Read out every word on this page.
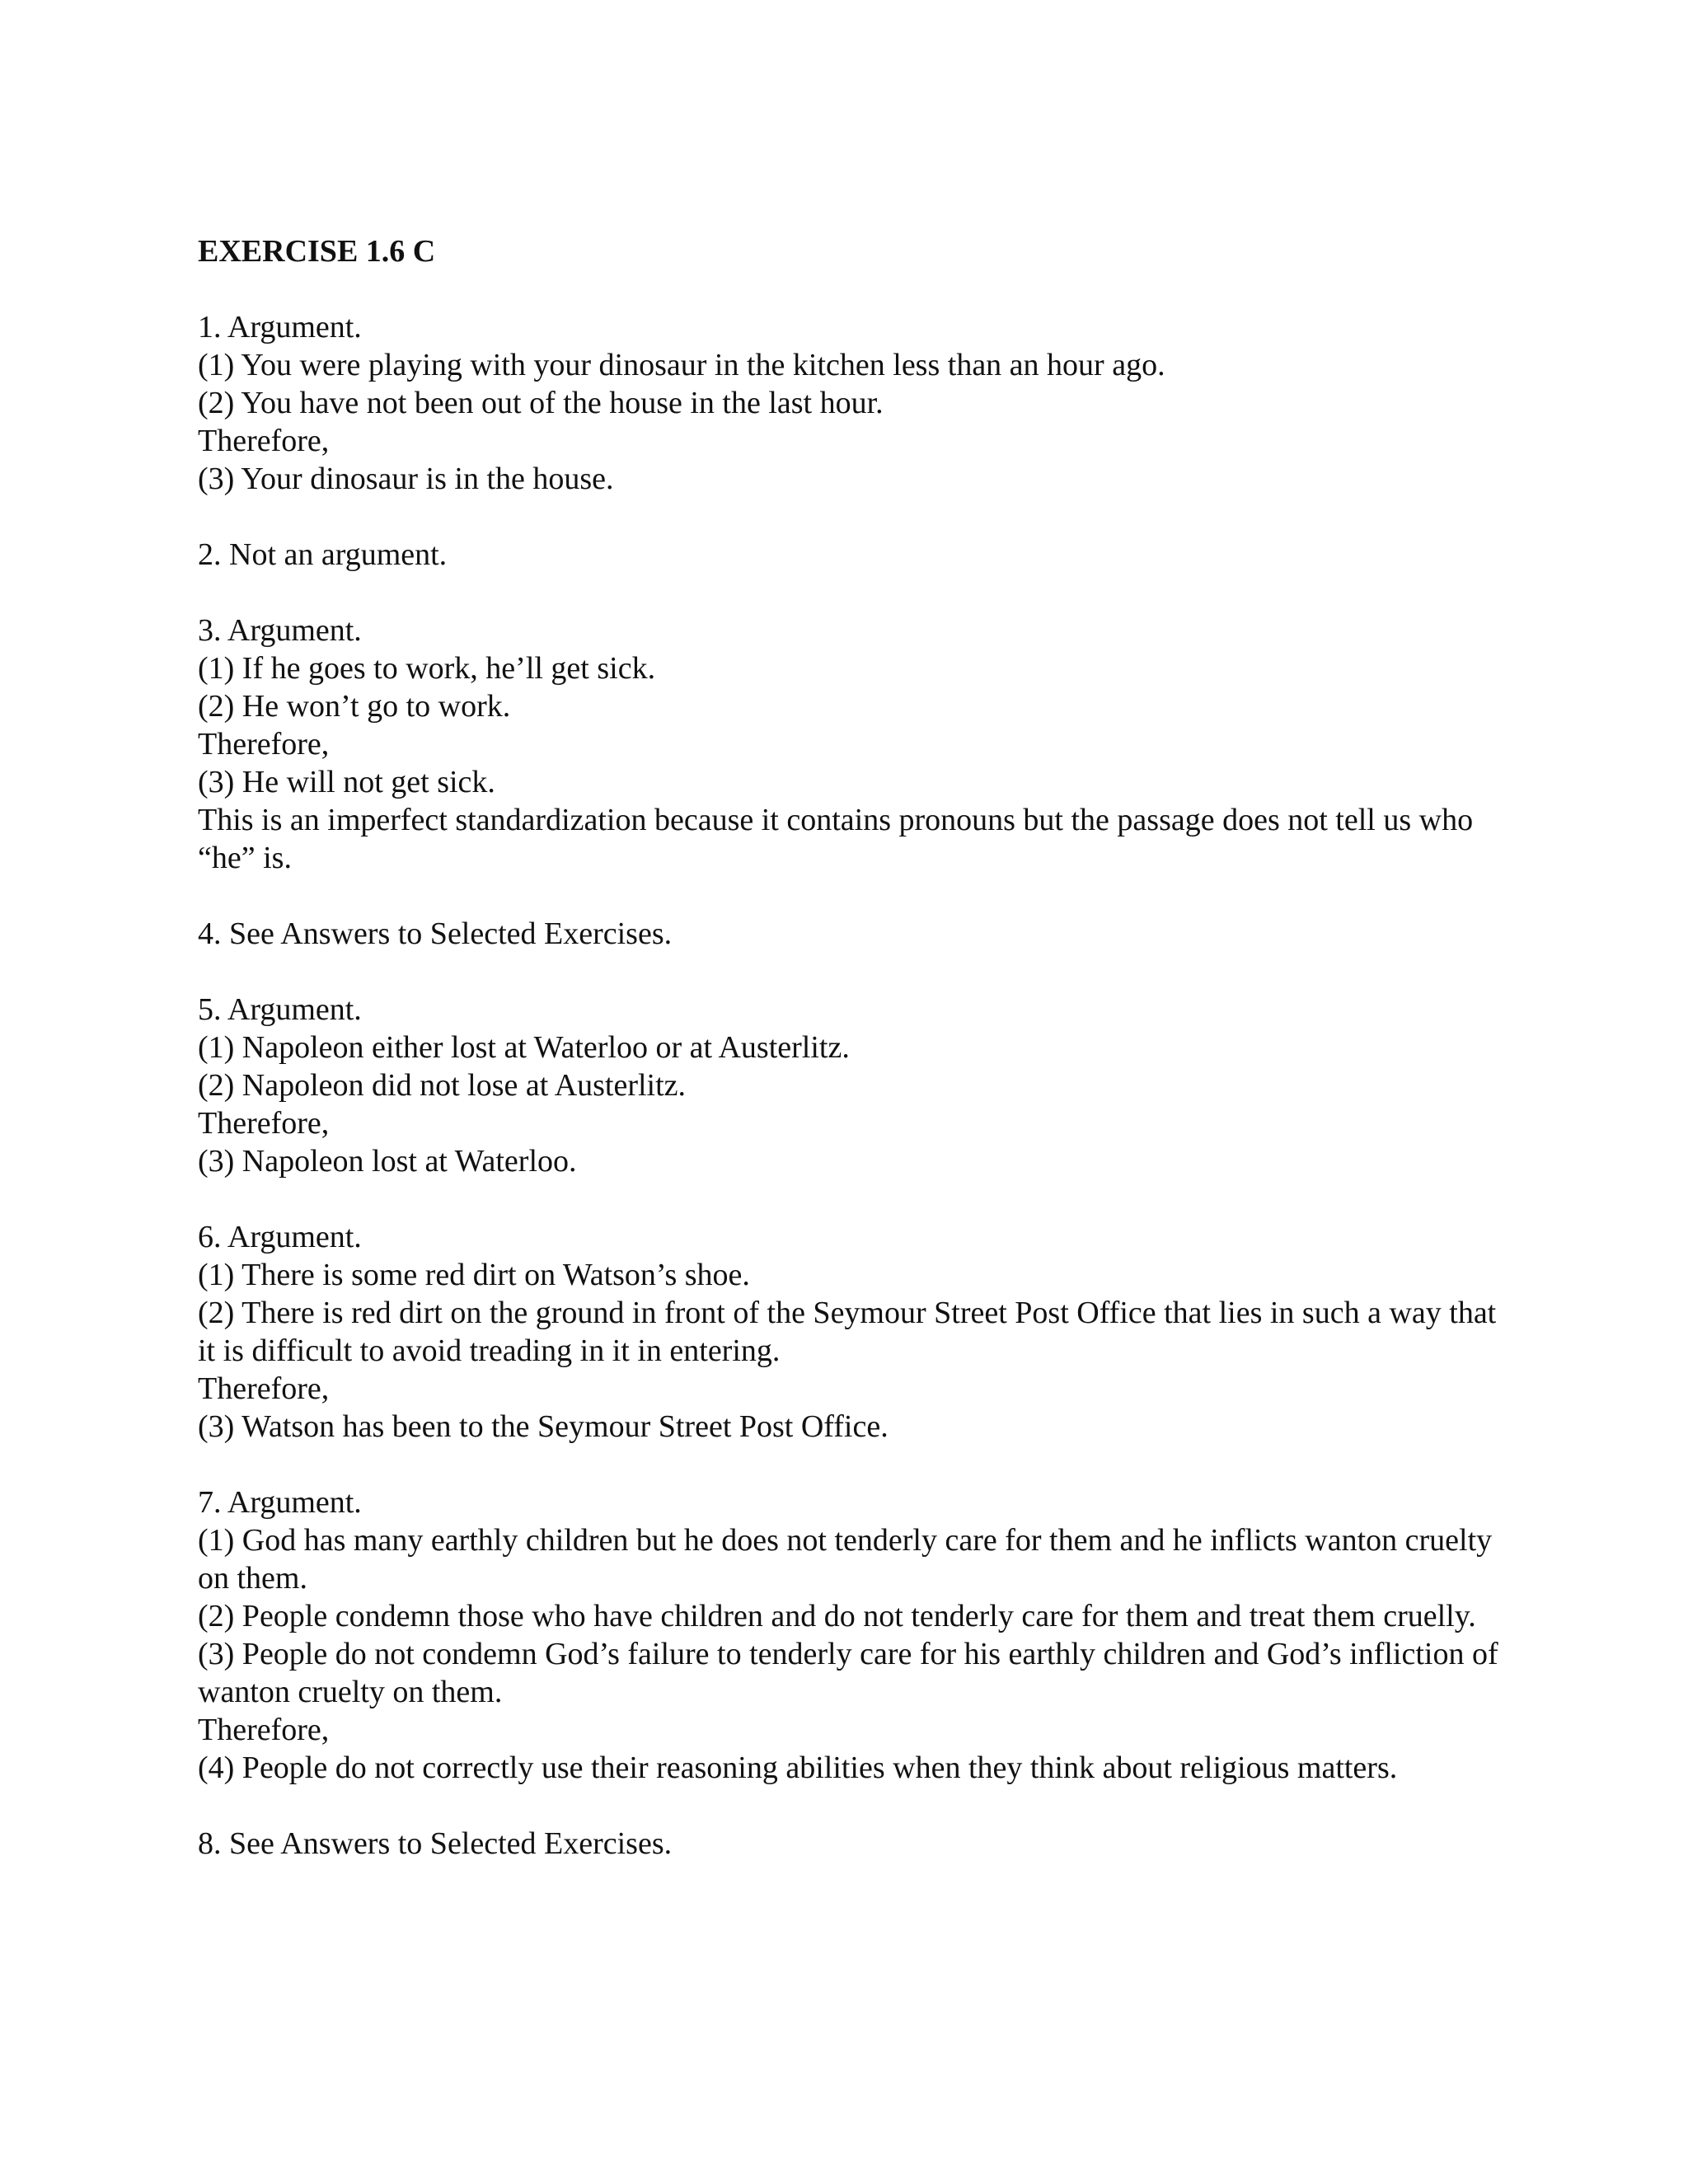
EXERCISE 1.6 C

1. Argument.

(1) You were playing with your dinosaur in the kitchen less than an hour ago.

(2) You have not been out of the house in the last hour.

Therefore,

(3) Your dinosaur is in the house.

2. Not an argument.

3. Argument.

(1) If he goes to work, he’ll get sick.

(2) He won’t go to work.

Therefore,

(3) He will not get sick.

This is an imperfect standardization because it contains pronouns but the passage does not tell us who “he” is.

4. See Answers to Selected Exercises.

5. Argument.

(1) Napoleon either lost at Waterloo or at Austerlitz.

(2) Napoleon did not lose at Austerlitz.

Therefore,

(3) Napoleon lost at Waterloo.

6. Argument.

(1) There is some red dirt on Watson’s shoe.

(2) There is red dirt on the ground in front of the Seymour Street Post Office that lies in such a way that it is difficult to avoid treading in it in entering.

Therefore,

(3) Watson has been to the Seymour Street Post Office.

7. Argument.

(1) God has many earthly children but he does not tenderly care for them and he inflicts wanton cruelty on them.

(2) People condemn those who have children and do not tenderly care for them and treat them cruelly.

(3) People do not condemn God’s failure to tenderly care for his earthly children and God’s infliction of wanton cruelty on them.

Therefore,

(4) People do not correctly use their reasoning abilities when they think about religious matters.

8. See Answers to Selected Exercises.
